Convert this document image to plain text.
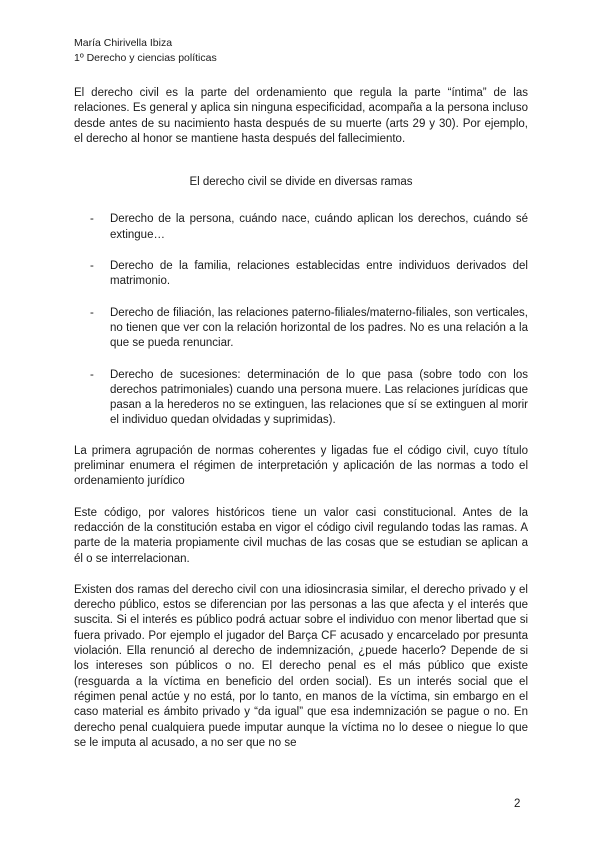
María Chirivella Ibiza
1º Derecho y ciencias políticas

El derecho civil es la parte del ordenamiento que regula la parte “íntima” de las relaciones. Es general y aplica sin ninguna especificidad, acompaña a la persona incluso desde antes de su nacimiento hasta después de su muerte (arts 29 y 30). Por ejemplo, el derecho al honor se mantiene hasta después del fallecimiento.

El derecho civil se divide en diversas ramas

- Derecho de la persona, cuándo nace, cuándo aplican los derechos, cuándo sé extingue…
- Derecho de la familia, relaciones establecidas entre individuos derivados del matrimonio.
- Derecho de filiación, las relaciones paterno-filiales/materno-filiales, son verticales, no tienen que ver con la relación horizontal de los padres. No es una relación a la que se pueda renunciar.
- Derecho de sucesiones: determinación de lo que pasa (sobre todo con los derechos patrimoniales) cuando una persona muere. Las relaciones jurídicas que pasan a la herederos no se extinguen, las relaciones que sí se extinguen al morir el individuo quedan olvidadas y suprimidas).

La primera agrupación de normas coherentes y ligadas fue el código civil, cuyo título preliminar enumera el régimen de interpretación y aplicación de las normas a todo el ordenamiento jurídico

Este código, por valores históricos tiene un valor casi constitucional. Antes de la redacción de la constitución estaba en vigor el código civil regulando todas las ramas. A parte de la materia propiamente civil muchas de las cosas que se estudian se aplican a él o se interrelacionan.

Existen dos ramas del derecho civil con una idiosincrasia similar, el derecho privado y el derecho público, estos se diferencian por las personas a las que afecta y el interés que suscita. Si el interés es público podrá actuar sobre el individuo con menor libertad que si fuera privado. Por ejemplo el jugador del Barça CF acusado y encarcelado por presunta violación. Ella renunció al derecho de indemnización, ¿puede hacerlo? Depende de si los intereses son públicos o no. El derecho penal es el más público que existe (resguarda a la víctima en beneficio del orden social). Es un interés social que el régimen penal actúe y no está, por lo tanto, en manos de la víctima, sin embargo en el caso material es ámbito privado y “da igual” que esa indemnización se pague o no. En derecho penal cualquiera puede imputar aunque la víctima no lo desee o niegue lo que se le imputa al acusado, a no ser que no se

2
